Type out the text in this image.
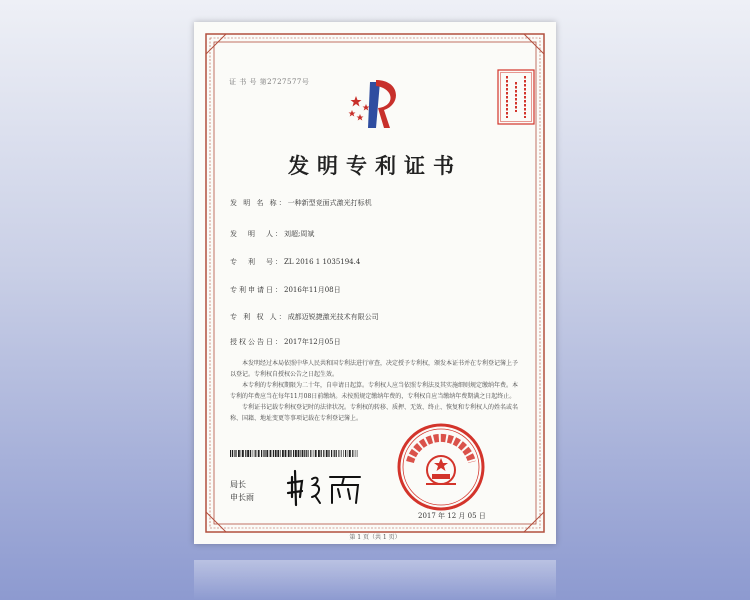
证 书 号 第2727577号
发明专利证书
发 明 名 称：一种新型竞面式激光打标机
发　明　人：刘超;周斌
专　利　号：ZL 2016 1 1035194.4
专利申请日：2016年11月08日
专 利 权 人：成都迈锐捷激光技术有限公司
授权公告日：2017年12月05日

本发明经过本局依照中华人民共和国专利法进行审查，决定授予专利权，颁发本证书并在专利登记簿上予以登记。专利权自授权公告之日起生效。

本专利的专利权期限为二十年，自申请日起算。专利权人应当依照专利法及其实施细则规定缴纳年费。本专利的年费应当在每年11月08日前缴纳。未按照规定缴纳年费的，专利权自应当缴纳年费期满之日起终止。

专利证书记载专利权登记时的法律状况。专利权的转移、质押、无效、终止、恢复和专利权人的姓名或名称、国籍、地址变更等事项记载在专利登记簿上。

局长
申长雨
2017 年 12 月 05 日
第 1 页（共 1 页）
